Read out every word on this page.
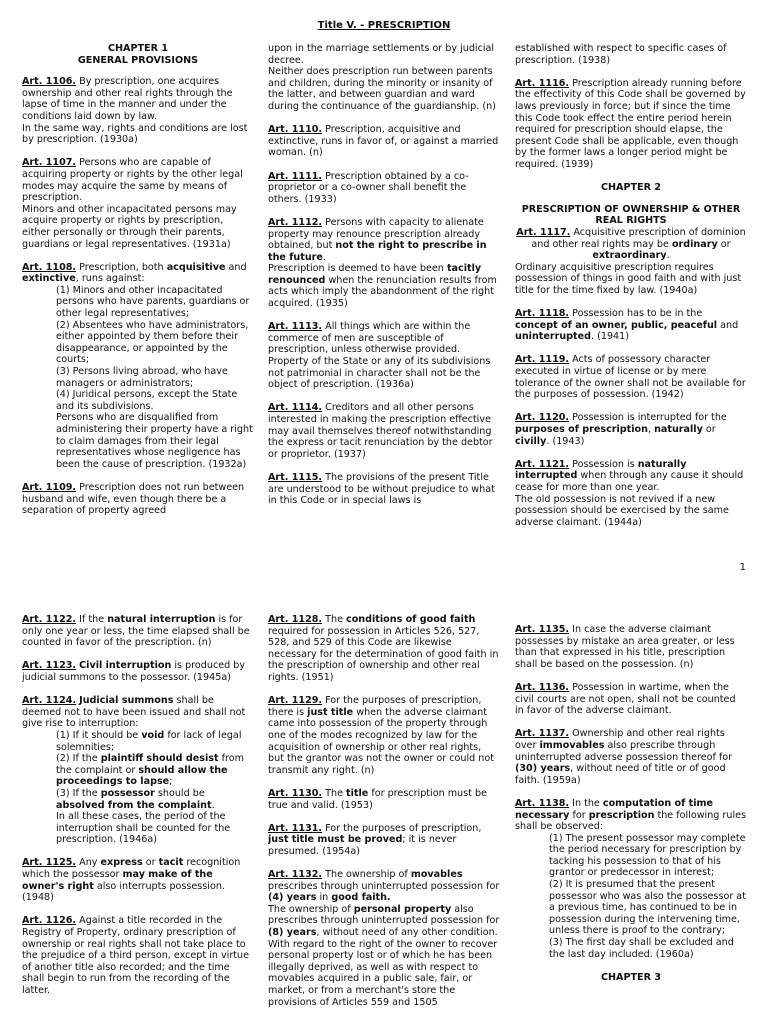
Title V. - PRESCRIPTION
CHAPTER 1
GENERAL PROVISIONS

Art. 1106. By prescription, one acquires ownership and other real rights through the lapse of time in the manner and under the conditions laid down by law.

In the same way, rights and conditions are lost by prescription. (1930a)

Art. 1107. Persons who are capable of acquiring property or rights by the other legal modes may acquire the same by means of prescription.

Minors and other incapacitated persons may acquire property or rights by prescription, either personally or through their parents, guardians or legal representatives. (1931a)

Art. 1108. Prescription, both acquisitive and extinctive, runs against:

(1) Minors and other incapacitated persons who have parents, guardians or other legal representatives;
(2) Absentees who have administrators, either appointed by them before their disappearance, or appointed by the courts;
(3) Persons living abroad, who have managers or administrators;
(4) Juridical persons, except the State and its subdivisions.

Persons who are disqualified from administering their property have a right to claim damages from their legal representatives whose negligence has been the cause of prescription. (1932a)

Art. 1109. Prescription does not run between husband and wife, even though there be a separation of property agreed

upon in the marriage settlements or by judicial decree.

Neither does prescription run between parents and children, during the minority or insanity of the latter, and between guardian and ward during the continuance of the guardianship. (n)

Art. 1110. Prescription, acquisitive and extinctive, runs in favor of, or against a married woman. (n)

Art. 1111. Prescription obtained by a co-proprietor or a co-owner shall benefit the others. (1933)

Art. 1112. Persons with capacity to alienate property may renounce prescription already obtained, but not the right to prescribe in the future.

Prescription is deemed to have been tacitly renounced when the renunciation results from acts which imply the abandonment of the right acquired. (1935)

Art. 1113. All things which are within the commerce of men are susceptible of prescription, unless otherwise provided. Property of the State or any of its subdivisions not patrimonial in character shall not be the object of prescription. (1936a)

Art. 1114. Creditors and all other persons interested in making the prescription effective may avail themselves thereof notwithstanding the express or tacit renunciation by the debtor or proprietor. (1937)

Art. 1115. The provisions of the present Title are understood to be without prejudice to what in this Code or in special laws is

established with respect to specific cases of prescription. (1938)

Art. 1116. Prescription already running before the effectivity of this Code shall be governed by laws previously in force; but if since the time this Code took effect the entire period herein required for prescription should elapse, the present Code shall be applicable, even though by the former laws a longer period might be required. (1939)

CHAPTER 2
PRESCRIPTION OF OWNERSHIP & OTHER REAL RIGHTS

Art. 1117. Acquisitive prescription of dominion and other real rights may be ordinary or extraordinary.

Ordinary acquisitive prescription requires possession of things in good faith and with just title for the time fixed by law. (1940a)

Art. 1118. Possession has to be in the concept of an owner, public, peaceful and uninterrupted. (1941)

Art. 1119. Acts of possessory character executed in virtue of license or by mere tolerance of the owner shall not be available for the purposes of possession. (1942)

Art. 1120. Possession is interrupted for the purposes of prescription, naturally or civilly. (1943)

Art. 1121. Possession is naturally interrupted when through any cause it should cease for more than one year.

The old possession is not revived if a new possession should be exercised by the same adverse claimant. (1944a)

1

Art. 1122. If the natural interruption is for only one year or less, the time elapsed shall be counted in favor of the prescription. (n)

Art. 1123. Civil interruption is produced by judicial summons to the possessor. (1945a)

Art. 1124. Judicial summons shall be deemed not to have been issued and shall not give rise to interruption:

(1) If it should be void for lack of legal solemnities;
(2) If the plaintiff should desist from the complaint or should allow the proceedings to lapse;
(3) If the possessor should be absolved from the complaint.

In all these cases, the period of the interruption shall be counted for the prescription. (1946a)

Art. 1125. Any express or tacit recognition which the possessor may make of the owner's right also interrupts possession. (1948)

Art. 1126. Against a title recorded in the Registry of Property, ordinary prescription of ownership or real rights shall not take place to the prejudice of a third person, except in virtue of another title also recorded; and the time shall begin to run from the recording of the latter.

Art. 1128. The conditions of good faith required for possession in Articles 526, 527, 528, and 529 of this Code are likewise necessary for the determination of good faith in the prescription of ownership and other real rights. (1951)

Art. 1129. For the purposes of prescription, there is just title when the adverse claimant came into possession of the property through one of the modes recognized by law for the acquisition of ownership or other real rights, but the grantor was not the owner or could not transmit any right. (n)

Art. 1130. The title for prescription must be true and valid. (1953)

Art. 1131. For the purposes of prescription, just title must be proved; it is never presumed. (1954a)

Art. 1132. The ownership of movables prescribes through uninterrupted possession for (4) years in good faith.

The ownership of personal property also prescribes through uninterrupted possession for (8) years, without need of any other condition.

With regard to the right of the owner to recover personal property lost or of which he has been illegally deprived, as well as with respect to movables acquired in a public sale, fair, or market, or from a merchant's store the provisions of Articles 559 and 1505

Art. 1135. In case the adverse claimant possesses by mistake an area greater, or less than that expressed in his title, prescription shall be based on the possession. (n)

Art. 1136. Possession in wartime, when the civil courts are not open, shall not be counted in favor of the adverse claimant.

Art. 1137. Ownership and other real rights over immovables also prescribe through uninterrupted adverse possession thereof for (30) years, without need of title or of good faith. (1959a)

Art. 1138. In the computation of time necessary for prescription the following rules shall be observed:

(1) The present possessor may complete the period necessary for prescription by tacking his possession to that of his grantor or predecessor in interest;
(2) It is presumed that the present possessor who was also the possessor at a previous time, has continued to be in possession during the intervening time, unless there is proof to the contrary;

(3) The first day shall be excluded and the last day included. (1960a)

CHAPTER 3
